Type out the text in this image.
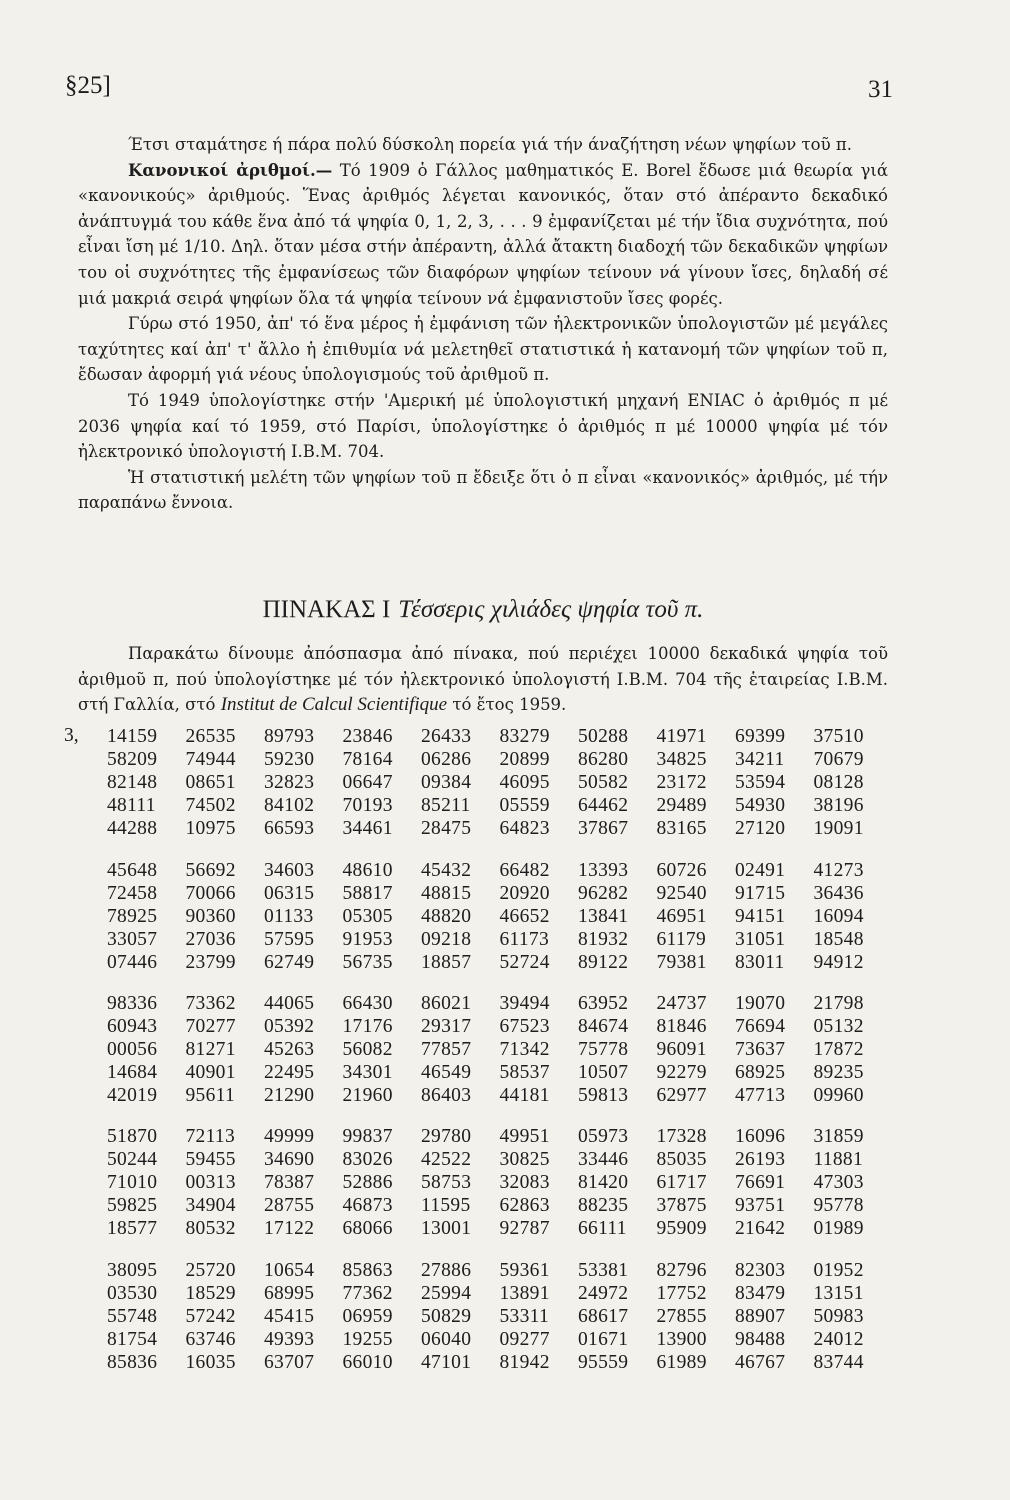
§25]	31

Έτσι σταμάτησε ή πάρα πολύ δύσκολη πορεία γιά τήν άναζήτηση νέων ψηφίων τοῦ π.

Κανονικοί ἀριθμοί.— Τό 1909 ὁ Γάλλος μαθηματικός Ε. Borel ἔδωσε μιά θεωρία γιά «κανονικούς» ἀριθμούς. Ἕνας ἀριθμός λέγεται κανονικός, ὅταν στό ἀπέραντο δεκαδικό ἀνάπτυγμά του κάθε ἕνα ἀπό τά ψηφία 0, 1, 2, 3, . . . 9 ἐμφανίζεται μέ τήν ἴδια συχνότητα, πού εἶναι ἴση μέ 1/10. Δηλ. ὅταν μέσα στήν ἀπέραντη, ἀλλά ἄτακτη διαδοχή τῶν δεκαδικῶν ψηφίων του οἱ συχνότητες τῆς ἐμφανίσεως τῶν διαφόρων ψηφίων τείνουν νά γίνουν ἴσες, δηλαδή σέ μιά μακριά σειρά ψηφίων ὅλα τά ψηφία τείνουν νά ἐμφανιστοῦν ἴσες φορές.

Γύρω στό 1950, ἀπ' τό ἕνα μέρος ἡ ἐμφάνιση τῶν ἠλεκτρονικῶν ὑπολογιστῶν μέ μεγάλες ταχύτητες καί ἀπ' τ' ἄλλο ἡ ἐπιθυμία νά μελετηθεῖ στατιστικά ἡ κατανομή τῶν ψηφίων τοῦ π, ἔδωσαν ἀφορμή γιά νέους ὑπολογισμούς τοῦ ἀριθμοῦ π.

Τό 1949 ὑπολογίστηκε στήν 'Αμερική μέ ὑπολογιστική μηχανή ENIAC ὁ ἀριθμός π μέ 2036 ψηφία καί τό 1959, στό Παρίσι, ὑπολογίστηκε ὁ ἀριθμός π μέ 10000 ψηφία μέ τόν ἠλεκτρονικό ὑπολογιστή Ι.Β.Μ. 704.

Ἡ στατιστική μελέτη τῶν ψηφίων τοῦ π ἔδειξε ὅτι ὁ π εἶναι «κανονικός» ἀριθμός, μέ τήν παραπάνω ἔννοια.

ΠΙΝΑΚΑΣ Ι Τέσσερις χιλιάδες ψηφία τοῦ π.

Παρακάτω δίνουμε ἀπόσπασμα ἀπό πίνακα, πού περιέχει 10000 δεκαδικά ψηφία τοῦ ἀριθμοῦ π, πού ὑπολογίστηκε μέ τόν ἠλεκτρονικό ὑπολογιστή Ι.Β.Μ. 704 τῆς ἑταιρείας Ι.Β.Μ. στή Γαλλία, στό Institut de Calcul Scientifique τό ἔτος 1959.

3,	14159	26535	89793	23846	26433	83279	50288	41971	69399	37510
58209	74944	59230	78164	06286	20899	86280	34825	34211	70679
82148	08651	32823	06647	09384	46095	50582	23172	53594	08128
48111	74502	84102	70193	85211	05559	64462	29489	54930	38196
44288	10975	66593	34461	28475	64823	37867	83165	27120	19091
45648	56692	34603	48610	45432	66482	13393	60726	02491	41273
72458	70066	06315	58817	48815	20920	96282	92540	91715	36436
78925	90360	01133	05305	48820	46652	13841	46951	94151	16094
33057	27036	57595	91953	09218	61173	81932	61179	31051	18548
07446	23799	62749	56735	18857	52724	89122	79381	83011	94912
98336	73362	44065	66430	86021	39494	63952	24737	19070	21798
60943	70277	05392	17176	29317	67523	84674	81846	76694	05132
00056	81271	45263	56082	77857	71342	75778	96091	73637	17872
14684	40901	22495	34301	46549	58537	10507	92279	68925	89235
42019	95611	21290	21960	86403	44181	59813	62977	47713	09960
51870	72113	49999	99837	29780	49951	05973	17328	16096	31859
50244	59455	34690	83026	42522	30825	33446	85035	26193	11881
71010	00313	78387	52886	58753	32083	81420	61717	76691	47303
59825	34904	28755	46873	11595	62863	88235	37875	93751	95778
18577	80532	17122	68066	13001	92787	66111	95909	21642	01989
38095	25720	10654	85863	27886	59361	53381	82796	82303	01952
03530	18529	68995	77362	25994	13891	24972	17752	83479	13151
55748	57242	45415	06959	50829	53311	68617	27855	88907	50983
81754	63746	49393	19255	06040	09277	01671	13900	98488	24012
85836	16035	63707	66010	47101	81942	95559	61989	46767	83744
